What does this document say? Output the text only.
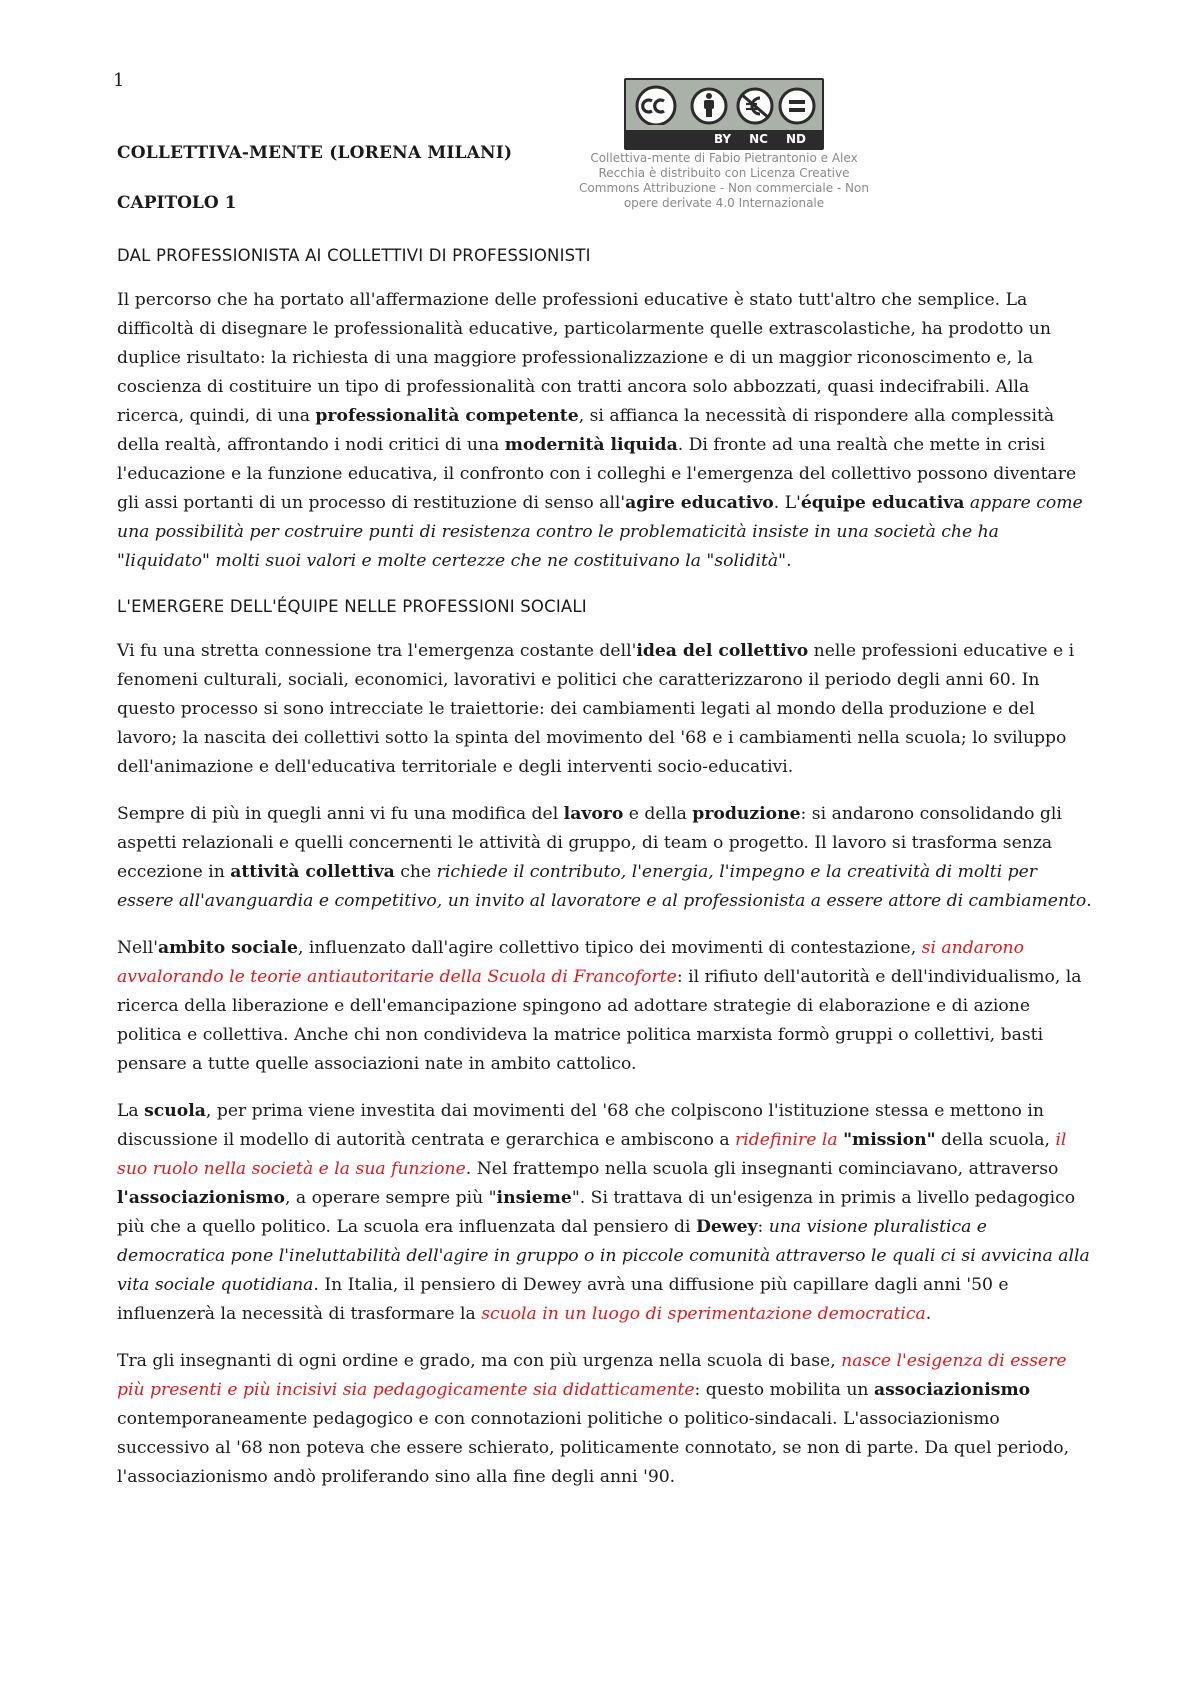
1
COLLETTIVA-MENTE (LORENA MILANI)
CAPITOLO 1
BY NC ND
Collettiva-mente di Fabio Pietrantonio e Alex
Recchia è distribuito con Licenza Creative
Commons Attribuzione - Non commerciale - Non
opere derivate 4.0 Internazionale
DAL PROFESSIONISTA AI COLLETTIVI DI PROFESSIONISTI

Il percorso che ha portato all'affermazione delle professioni educative è stato tutt'altro che semplice. La difficoltà di disegnare le professionalità educative, particolarmente quelle extrascolastiche, ha prodotto un duplice risultato: la richiesta di una maggiore professionalizzazione e di un maggior riconoscimento e, la coscienza di costituire un tipo di professionalità con tratti ancora solo abbozzati, quasi indecifrabili. Alla ricerca, quindi, di una professionalità competente, si affianca la necessità di rispondere alla complessità della realtà, affrontando i nodi critici di una modernità liquida. Di fronte ad una realtà che mette in crisi l'educazione e la funzione educativa, il confronto con i colleghi e l'emergenza del collettivo possono diventare gli assi portanti di un processo di restituzione di senso all'agire educativo. L'équipe educativa appare come una possibilità per costruire punti di resistenza contro le problematicità insiste in una società che ha "liquidato" molti suoi valori e molte certezze che ne costituivano la "solidità".

L'EMERGERE DELL'ÉQUIPE NELLE PROFESSIONI SOCIALI

Vi fu una stretta connessione tra l'emergenza costante dell'idea del collettivo nelle professioni educative e i fenomeni culturali, sociali, economici, lavorativi e politici che caratterizzarono il periodo degli anni 60. In questo processo si sono intrecciate le traiettorie: dei cambiamenti legati al mondo della produzione e del lavoro; la nascita dei collettivi sotto la spinta del movimento del '68 e i cambiamenti nella scuola; lo sviluppo dell'animazione e dell'educativa territoriale e degli interventi socio-educativi.

Sempre di più in quegli anni vi fu una modifica del lavoro e della produzione: si andarono consolidando gli aspetti relazionali e quelli concernenti le attività di gruppo, di team o progetto. Il lavoro si trasforma senza eccezione in attività collettiva che richiede il contributo, l'energia, l'impegno e la creatività di molti per essere all'avanguardia e competitivo, un invito al lavoratore e al professionista a essere attore di cambiamento.

Nell'ambito sociale, influenzato dall'agire collettivo tipico dei movimenti di contestazione, si andarono avvalorando le teorie antiautoritarie della Scuola di Francoforte: il rifiuto dell'autorità e dell'individualismo, la ricerca della liberazione e dell'emancipazione spingono ad adottare strategie di elaborazione e di azione politica e collettiva. Anche chi non condivideva la matrice politica marxista formò gruppi o collettivi, basti pensare a tutte quelle associazioni nate in ambito cattolico.

La scuola, per prima viene investita dai movimenti del '68 che colpiscono l'istituzione stessa e mettono in discussione il modello di autorità centrata e gerarchica e ambiscono a ridefinire la "mission" della scuola, il suo ruolo nella società e la sua funzione. Nel frattempo nella scuola gli insegnanti cominciavano, attraverso l'associazionismo, a operare sempre più "insieme". Si trattava di un'esigenza in primis a livello pedagogico più che a quello politico. La scuola era influenzata dal pensiero di Dewey: una visione pluralistica e democratica pone l'ineluttabilità dell'agire in gruppo o in piccole comunità attraverso le quali ci si avvicina alla vita sociale quotidiana. In Italia, il pensiero di Dewey avrà una diffusione più capillare dagli anni '50 e influenzerà la necessità di trasformare la scuola in un luogo di sperimentazione democratica.

Tra gli insegnanti di ogni ordine e grado, ma con più urgenza nella scuola di base, nasce l'esigenza di essere più presenti e più incisivi sia pedagogicamente sia didatticamente: questo mobilita un associazionismo contemporaneamente pedagogico e con connotazioni politiche o politico-sindacali. L'associazionismo successivo al '68 non poteva che essere schierato, politicamente connotato, se non di parte. Da quel periodo, l'associazionismo andò proliferando sino alla fine degli anni '90.
